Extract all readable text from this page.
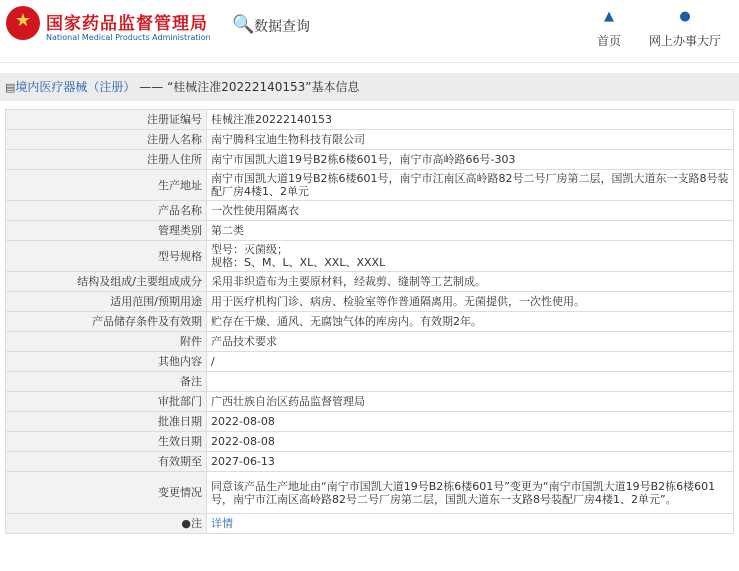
★
国家药品监督管理局
National Medical Products Administration
🔍 数据查询
▲
首页
●
网上办事大厅
▤境内医疗器械（注册） —— “桂械注准20222140153”基本信息
注册证编号	桂械注准20222140153
注册人名称	南宁腾科宝迪生物科技有限公司
注册人住所	南宁市国凯大道19号B2栋6楼601号，南宁市高岭路66号-303
生产地址	南宁市国凯大道19号B2栋6楼601号，南宁市江南区高岭路82号二号厂房第二层，国凯大道东一支路8号装配厂房4楼1、2单元
产品名称	一次性使用隔离衣
管理类别	第二类
型号规格	型号：灭菌级；
规格：S、M、L、XL、XXL、XXXL

结构及组成/主要组成成分	采用非织造布为主要原材料，经裁剪、缝制等工艺制成。
适用范围/预期用途	用于医疗机构门诊、病房、检验室等作普通隔离用。无菌提供，一次性使用。
产品储存条件及有效期	贮存在干燥、通风、无腐蚀气体的库房内。有效期2年。
附件	产品技术要求
其他内容	/
备注	
审批部门	广西壮族自治区药品监督管理局
批准日期	2022-08-08
生效日期	2022-08-08
有效期至	2027-06-13
变更情况	同意该产品生产地址由“南宁市国凯大道19号B2栋6楼601号”变更为“南宁市国凯大道19号B2栋6楼601号，南宁市江南区高岭路82号二号厂房第二层，国凯大道东一支路8号装配厂房4楼1、2单元”。
●注	详情
